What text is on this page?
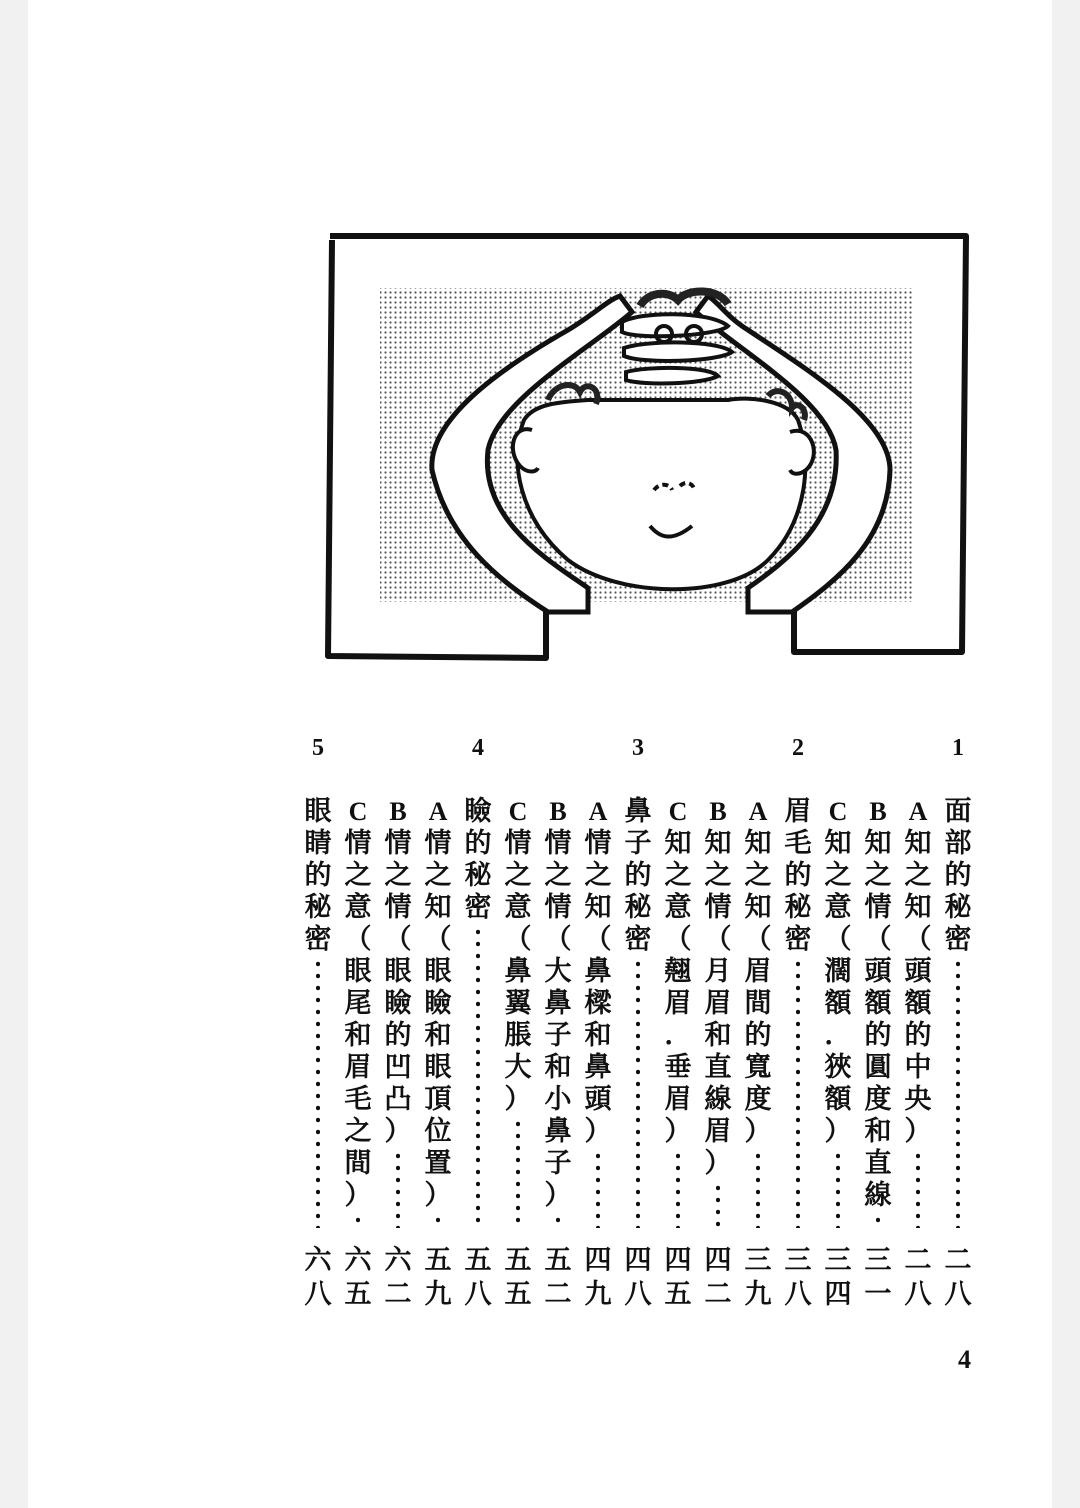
1
2
3
4
5
面
部
的
秘
密
二
八
A
知
之
知
（
頭
額
的
中
央
）
二
八
B
知
之
情
（
頭
額
的
圓
度
和
直
線
三
一
C
知
之
意
（
濶
額
．
狹
額
）
三
四
眉
毛
的
秘
密
三
八
A
知
之
知
（
眉
間
的
寬
度
）
三
九
B
知
之
情
（
月
眉
和
直
線
眉
）
四
二
C
知
之
意
（
翹
眉
．
垂
眉
）
四
五
鼻
子
的
秘
密
四
八
A
情
之
知
（
鼻
樑
和
鼻
頭
）
四
九
B
情
之
情
（
大
鼻
子
和
小
鼻
子
）
五
二
C
情
之
意
（
鼻
翼
脹
大
）
五
五
瞼
的
秘
密
五
八
A
情
之
知
（
眼
瞼
和
眼
頂
位
置
）
五
九
B
情
之
情
（
眼
瞼
的
凹
凸
）
六
二
C
情
之
意
（
眼
尾
和
眉
毛
之
間
）
六
五
眼
睛
的
秘
密
六
八
4
